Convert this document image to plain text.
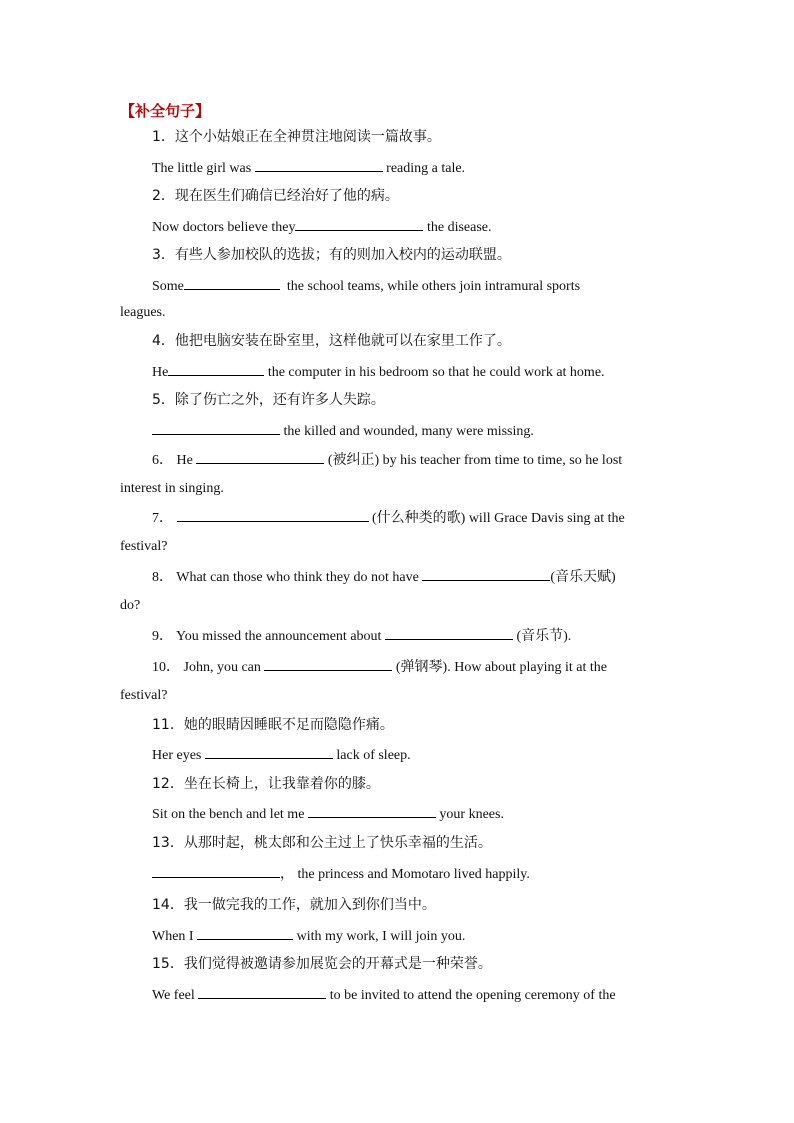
【补全句子】
1．这个小姑娘正在全神贯注地阅读一篇故事。
The little girl was	reading a tale.
2．现在医生们确信已经治好了他的病。
Now doctors believe they	the disease.
3．有些人参加校队的选拔；有的则加入校内的运动联盟。
Some	the school teams, while others join intramural sports
leagues.
4．他把电脑安装在卧室里，这样他就可以在家里工作了。
He	the computer in his bedroom so that he could work at home.
5．除了伤亡之外，还有许多人失踪。
the killed and wounded, many were missing.
6． He	(被纠正) by his teacher from time to time, so he lost
interest in singing.
7．	(什么种类的歌) will Grace Davis sing at the
festival?
8． What can those who think they do not have	(音乐天赋)
do?
9． You missed the announcement about	(音乐节).
10． John, you can	(弹钢琴). How about playing it at the
festival?
11．她的眼睛因睡眠不足而隐隐作痛。
Her eyes	lack of sleep.
12．坐在长椅上，让我靠着你的膝。
Sit on the bench and let me	your knees.
13．从那时起，桃太郎和公主过上了快乐幸福的生活。
， the princess and Momotaro lived happily.
14．我一做完我的工作，就加入到你们当中。
When I	with my work, I will join you.
15．我们觉得被邀请参加展览会的开幕式是一种荣誉。
We feel	to be invited to attend the opening ceremony of the
